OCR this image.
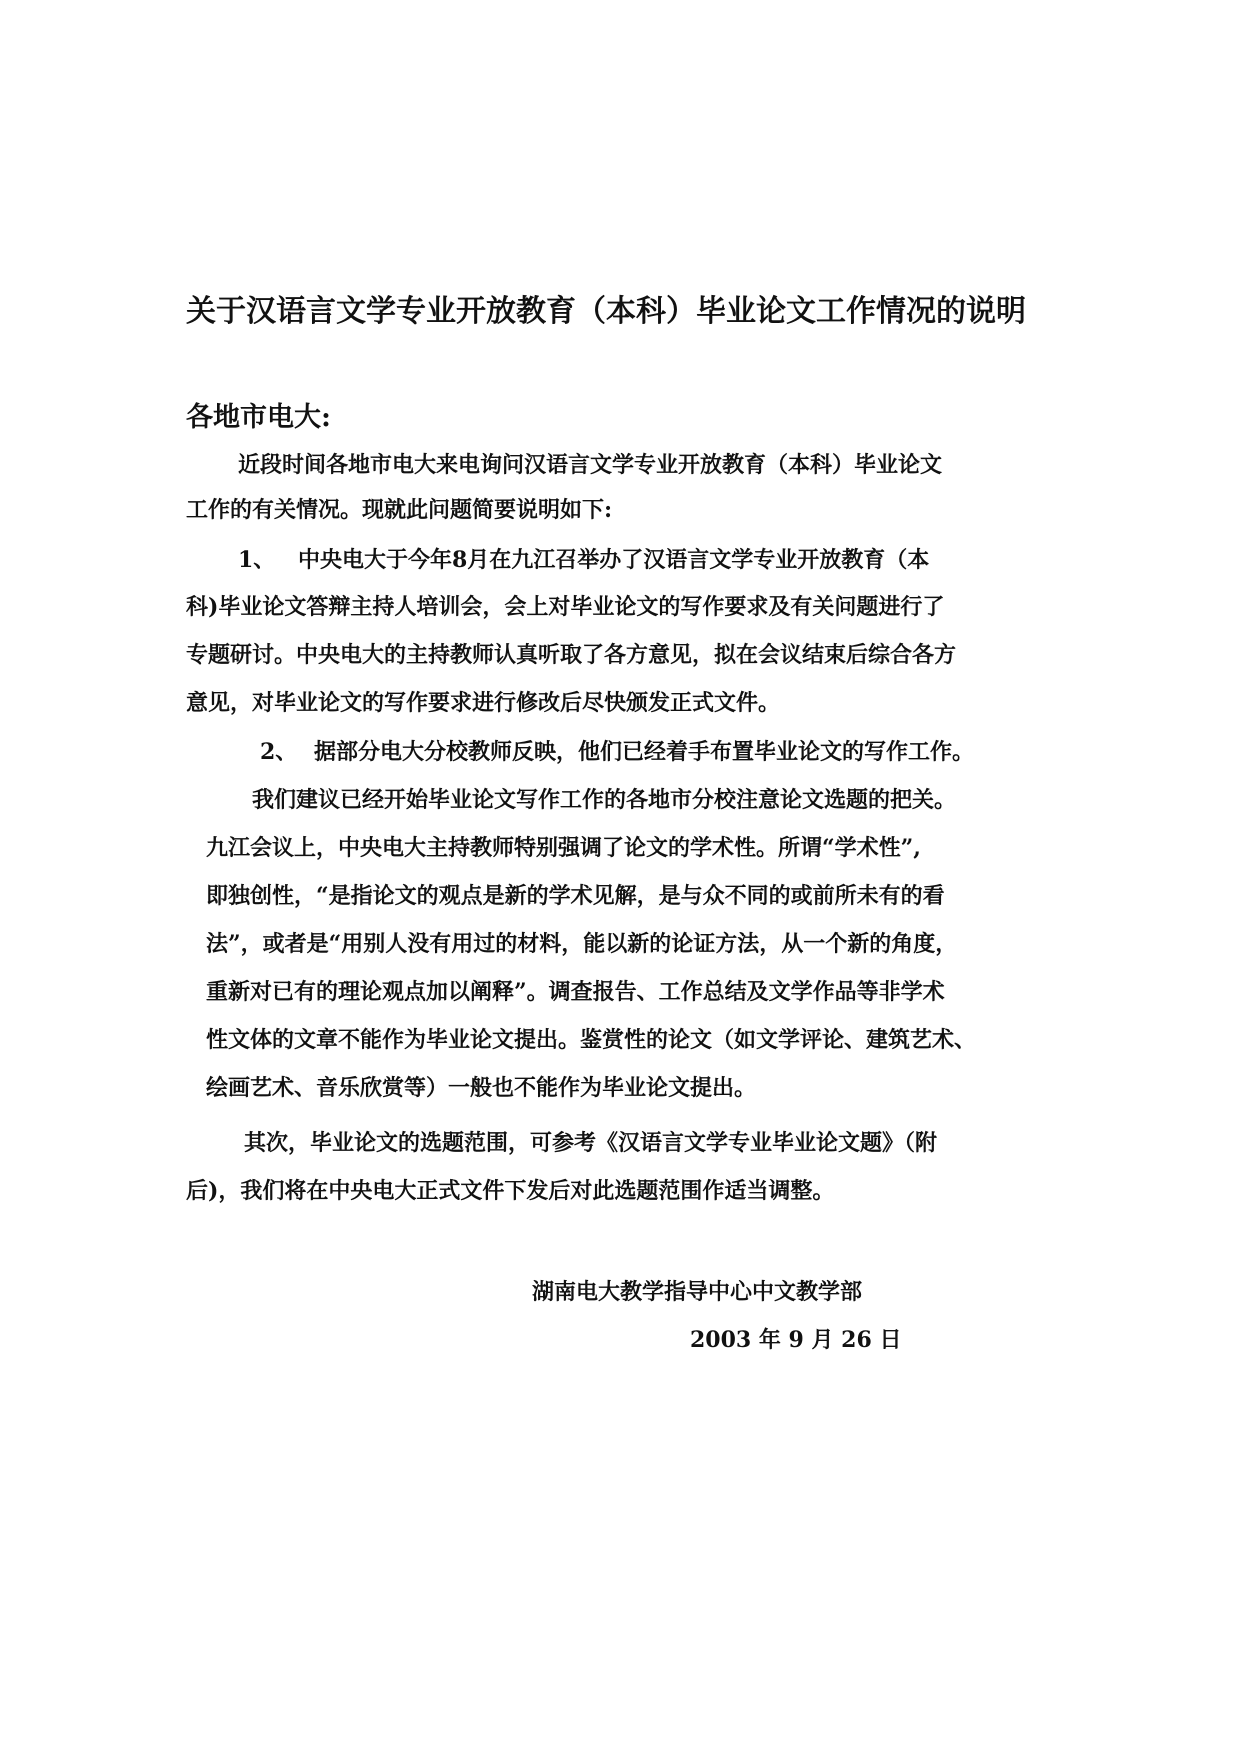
关于汉语言文学专业开放教育（本科）毕业论文工作情况的说明
各地市电大:
近段时间各地市电大来电询问汉语言文学专业开放教育（本科）毕业论文
工作的有关情况。现就此问题简要说明如下:
1、 中央电大于今年8月在九江召举办了汉语言文学专业开放教育（本
科)毕业论文答辩主持人培训会，会上对毕业论文的写作要求及有关问题进行了
专题研讨。中央电大的主持教师认真听取了各方意见，拟在会议结束后综合各方
意见，对毕业论文的写作要求进行修改后尽快颁发正式文件。
2、 据部分电大分校教师反映，他们已经着手布置毕业论文的写作工作。
我们建议已经开始毕业论文写作工作的各地市分校注意论文选题的把关。
九江会议上，中央电大主持教师特别强调了论文的学术性。所谓“学术性”,
即独创性，“是指论文的观点是新的学术见解，是与众不同的或前所未有的看
法”，或者是“用别人没有用过的材料，能以新的论证方法，从一个新的角度，
重新对已有的理论观点加以阐释”。调查报告、工作总结及文学作品等非学术
性文体的文章不能作为毕业论文提出。鉴赏性的论文（如文学评论、建筑艺术、
绘画艺术、音乐欣赏等）一般也不能作为毕业论文提出。
其次，毕业论文的选题范围，可参考《汉语言文学专业毕业论文题》（附
后)，我们将在中央电大正式文件下发后对此选题范围作适当调整。
湖南电大教学指导中心中文教学部
2003 年 9 月 26 日
